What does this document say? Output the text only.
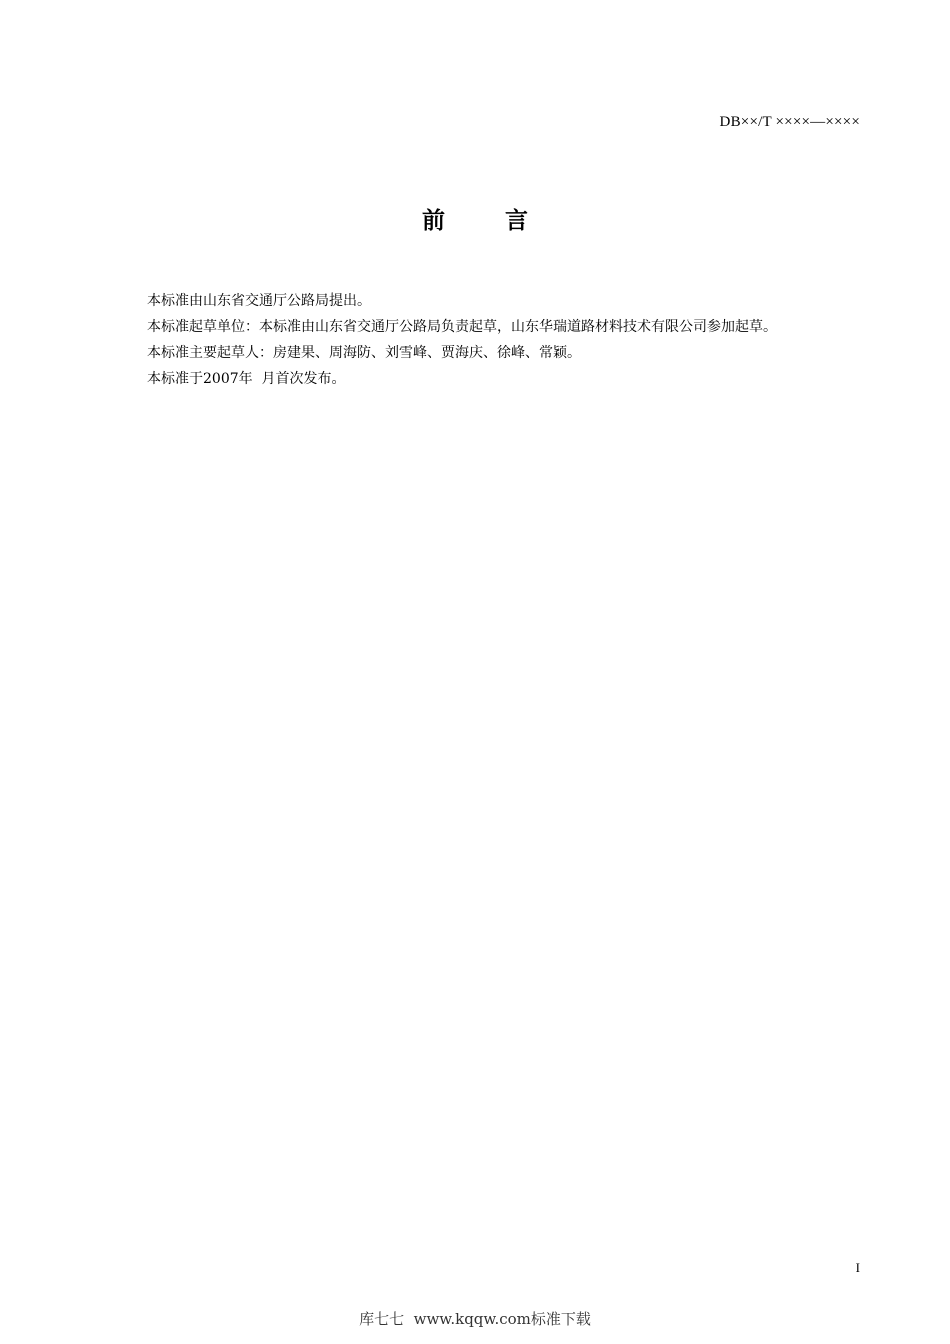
DB××/T ××××—××××
前	言

本标准由山东省交通厅公路局提出。

本标准起草单位：本标准由山东省交通厅公路局负责起草，山东华瑞道路材料技术有限公司参加起草。

本标准主要起草人：房建果、周海防、刘雪峰、贾海庆、徐峰、常颖。

本标准于2007年  月首次发布。

I
库七七  www.kqqw.com标准下载
